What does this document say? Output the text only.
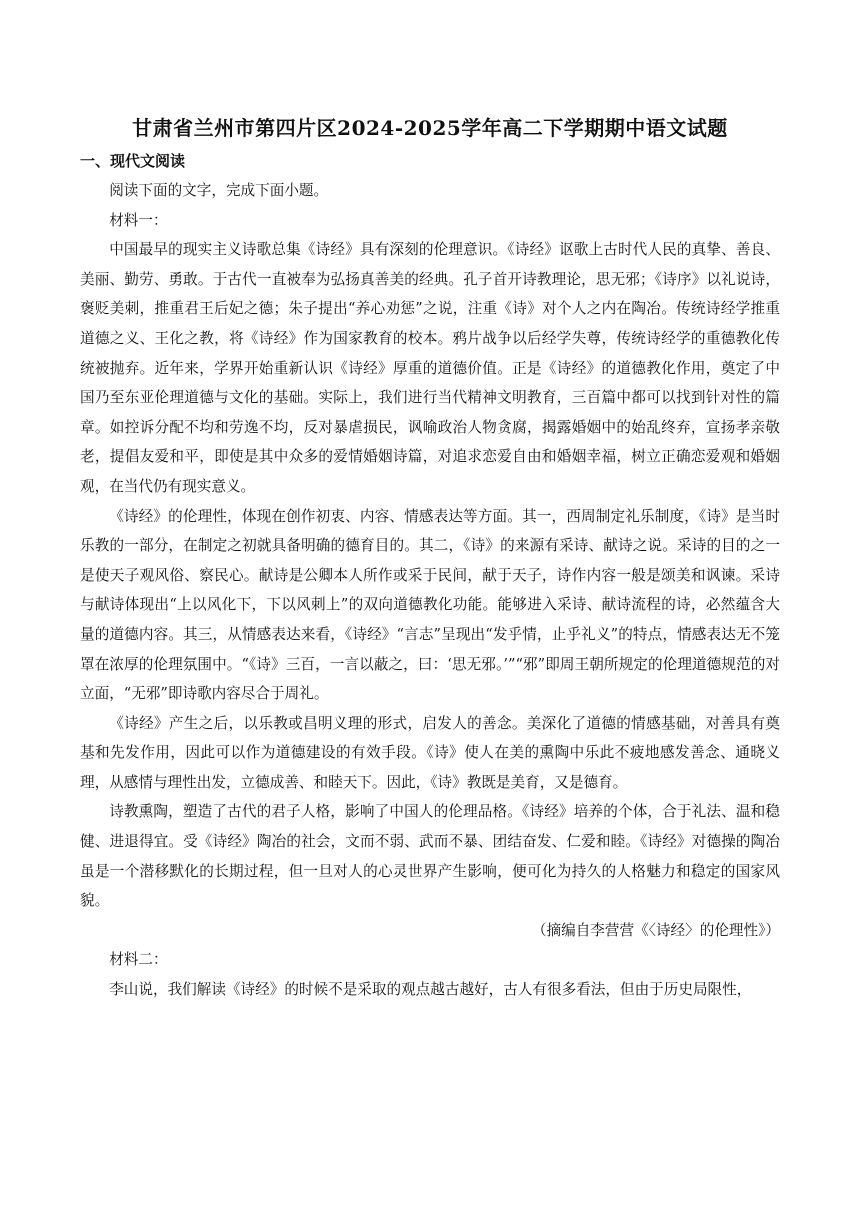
甘肃省兰州市第四片区2024-2025学年高二下学期期中语文试题
一、现代文阅读

阅读下面的文字，完成下面小题。

材料一：

中国最早的现实主义诗歌总集《诗经》具有深刻的伦理意识。《诗经》讴歌上古时代人民的真挚、善良、美丽、勤劳、勇敢。于古代一直被奉为弘扬真善美的经典。孔子首开诗教理论，思无邪；《诗序》以礼说诗，褒贬美刺，推重君王后妃之德；朱子提出“养心劝惩”之说，注重《诗》对个人之内在陶冶。传统诗经学推重道德之义、王化之教，将《诗经》作为国家教育的校本。鸦片战争以后经学失尊，传统诗经学的重德教化传统被抛弃。近年来，学界开始重新认识《诗经》厚重的道德价值。正是《诗经》的道德教化作用，奠定了中国乃至东亚伦理道德与文化的基础。实际上，我们进行当代精神文明教育，三百篇中都可以找到针对性的篇章。如控诉分配不均和劳逸不均，反对暴虐损民，讽喻政治人物贪腐，揭露婚姻中的始乱终弃，宣扬孝亲敬老，提倡友爱和平，即使是其中众多的爱情婚姻诗篇，对追求恋爱自由和婚姻幸福，树立正确恋爱观和婚姻观，在当代仍有现实意义。

《诗经》的伦理性，体现在创作初衷、内容、情感表达等方面。其一，西周制定礼乐制度，《诗》是当时乐教的一部分，在制定之初就具备明确的德育目的。其二，《诗》的来源有采诗、献诗之说。采诗的目的之一是使天子观风俗、察民心。献诗是公卿本人所作或采于民间，献于天子，诗作内容一般是颂美和讽谏。采诗与献诗体现出“上以风化下，下以风刺上”的双向道德教化功能。能够进入采诗、献诗流程的诗，必然蕴含大量的道德内容。其三，从情感表达来看，《诗经》“言志”呈现出“发乎情，止乎礼义”的特点，情感表达无不笼罩在浓厚的伦理氛围中。“《诗》三百，一言以蔽之，曰：‘思无邪。’”“邪”即周王朝所规定的伦理道德规范的对立面，“无邪”即诗歌内容尽合于周礼。

《诗经》产生之后，以乐教或昌明义理的形式，启发人的善念。美深化了道德的情感基础，对善具有奠基和先发作用，因此可以作为道德建设的有效手段。《诗》使人在美的熏陶中乐此不疲地感发善念、通晓义理，从感情与理性出发，立德成善、和睦天下。因此，《诗》教既是美育，又是德育。

诗教熏陶，塑造了古代的君子人格，影响了中国人的伦理品格。《诗经》培养的个体，合于礼法、温和稳健、进退得宜。受《诗经》陶冶的社会，文而不弱、武而不暴、团结奋发、仁爱和睦。《诗经》对德操的陶冶虽是一个潜移默化的长期过程，但一旦对人的心灵世界产生影响，便可化为持久的人格魅力和稳定的国家风貌。

（摘编自李营营《〈诗经〉的伦理性》）

材料二：

李山说，我们解读《诗经》的时候不是采取的观点越古越好，古人有很多看法，但由于历史局限性，
